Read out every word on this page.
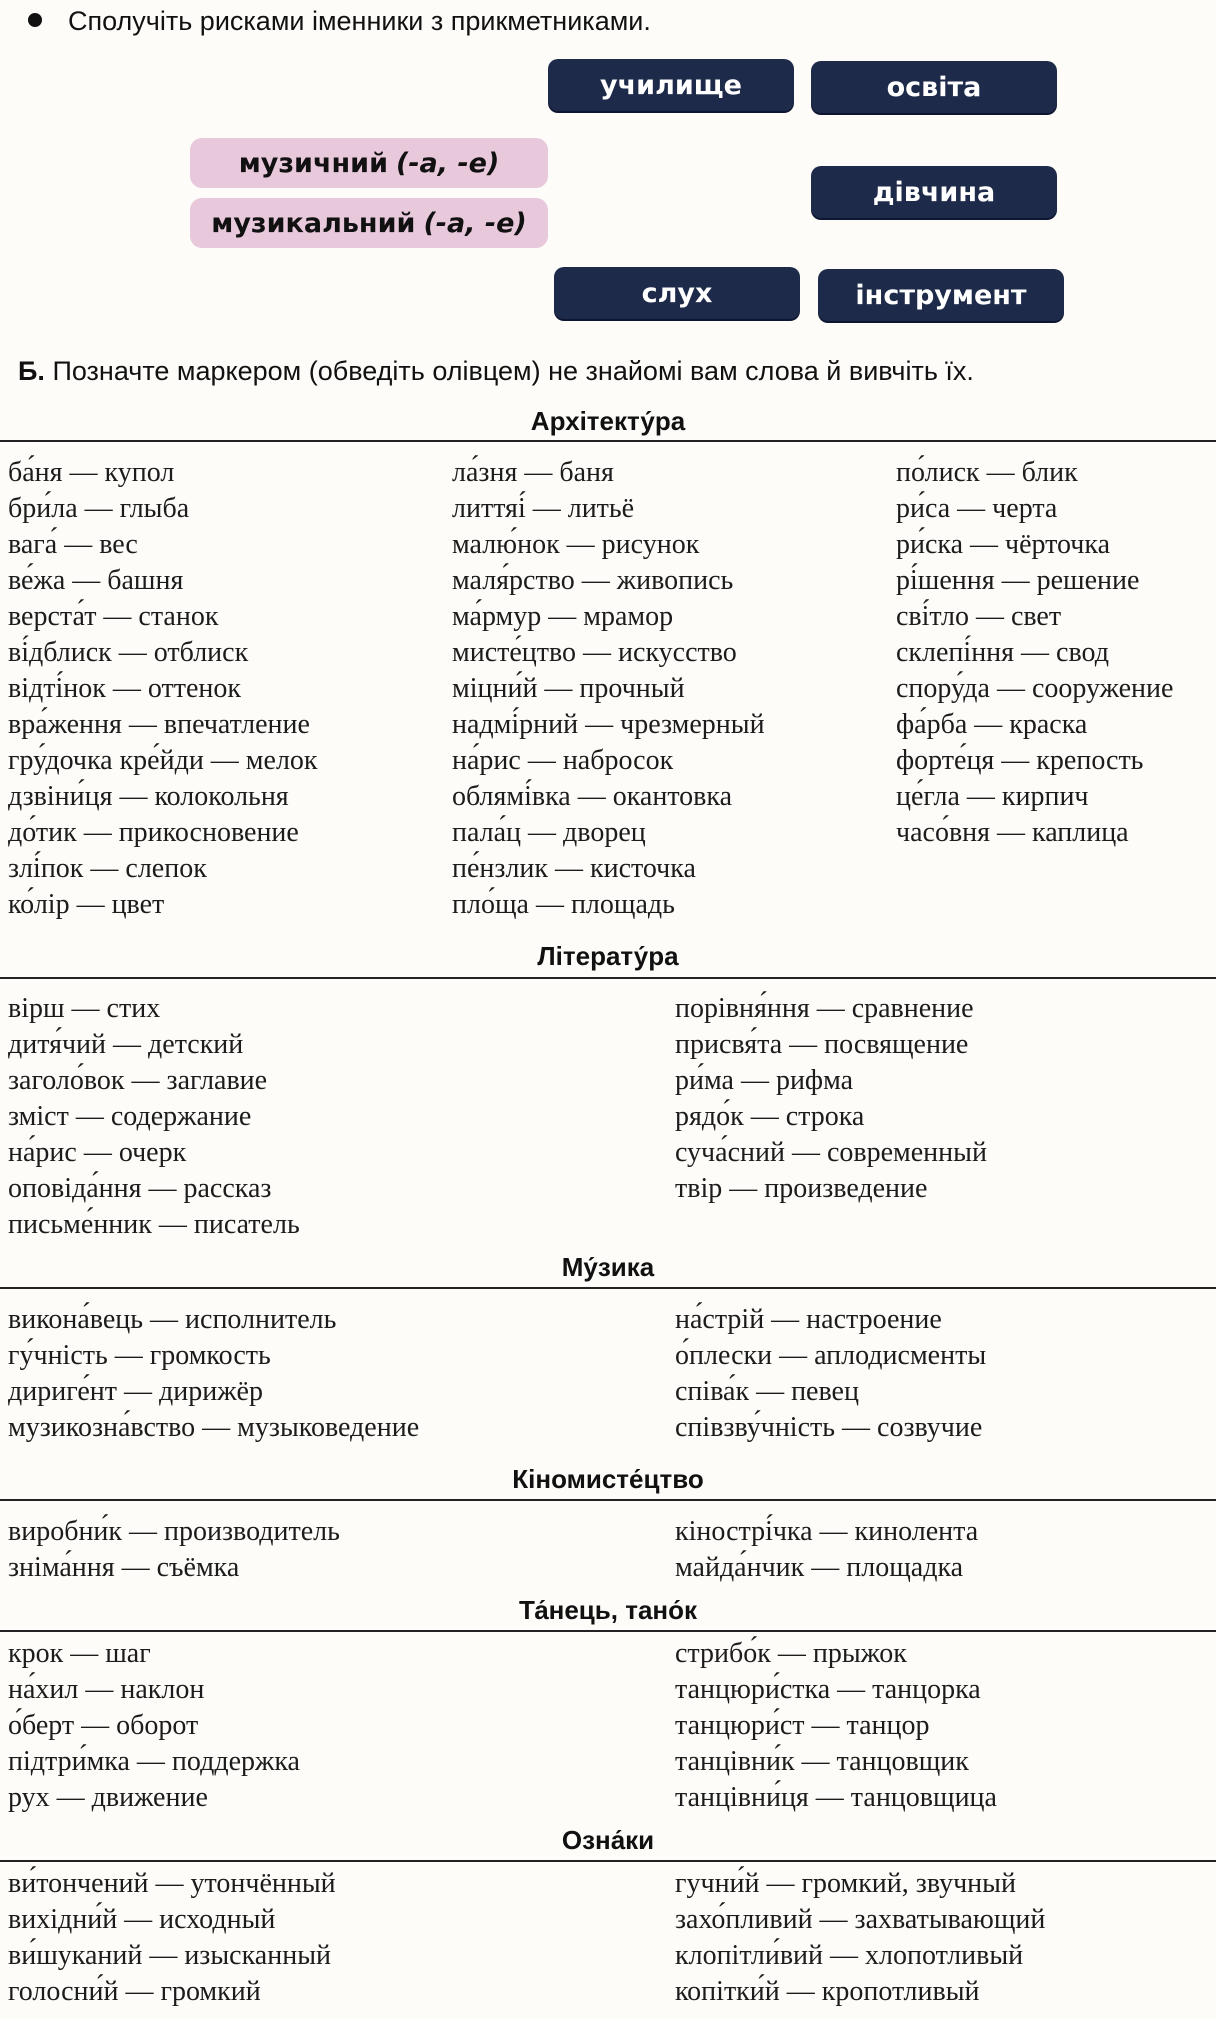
Сполучіть рисками іменники з прикметниками.
училище	освіта
дівчина
слух	інструмент
музичний (-а, -е)
музикальний (-а, -е)
Б. Позначте маркером (обведіть олівцем) не знайомі вам слова й вивчіть їх.
Архітекту́ра
ба́ня — купол
бри́ла — глыба
вага́ — вес
ве́жа — башня
верста́т — станок
ві́дблиск — отблиск
відті́нок — оттенок
вра́ження — впечатление
гру́дочка кре́йди — мелок
дзвіни́ця — колокольня
до́тик — прикосновение
злі́пок — слепок
ко́лір — цвет
ла́зня — баня
литтяі́ — литьё
малю́нок — рисунок
маля́рство — живопись
ма́рмур — мрамор
мисте́цтво — искусство
міцни́й — прочный
надмі́рний — чрезмерный
на́рис — набросок
облямі́вка — окантовка
пала́ц — дворец
пе́нзлик — кисточка
пло́ща — площадь
по́лиск — блик
ри́са — черта
ри́ска — чёрточка
рі́шення — решение
сві́тло — свет
склепі́ння — свод
спору́да — сооружение
фа́рба — краска
форте́ця — крепость
це́гла — кирпич
часо́вня — каплица
Літерату́ра
вірш — стих
дитя́чий — детский
заголо́вок — заглавие
зміст — содержание
на́рис — очерк
оповіда́ння — рассказ
письме́нник — писатель
порівня́ння — сравнение
присвя́та — посвящение
ри́ма — рифма
рядо́к — строка
суча́сний — современный
твір — произведение
Му́зика
викона́вець — исполнитель
гу́чність — громкость
дириге́нт — дирижёр
музикозна́вство — музыковедение
на́стрій — настроение
о́плески — аплодисменты
співа́к — певец
співзву́чність — созвучие
Кіномисте́цтво
виробни́к — производитель
зніма́ння — съёмка
кінострі́чка — кинолента
майда́нчик — площадка
Та́нець, тано́к
крок — шаг
на́хил — наклон
о́берт — оборот
підтри́мка — поддержка
рух — движение
стрибо́к — прыжок
танцюри́стка — танцорка
танцюри́ст — танцор
танцівни́к — танцовщик
танцівни́ця — танцовщица
Озна́ки
ви́тончений — утончённый
вихідни́й — исходный
ви́шуканий — изысканный
голосни́й — громкий
гучни́й — громкий, звучный
захо́пливий — захватывающий
клопітли́вий — хлопотливый
копітки́й — кропотливый
